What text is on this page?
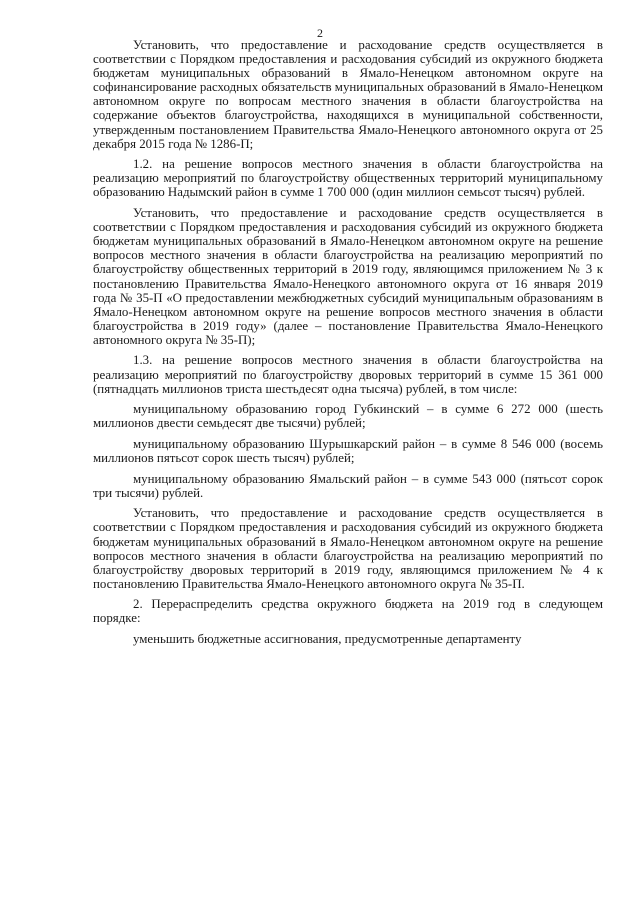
2

Установить, что предоставление и расходование средств осуществляется в соответствии с Порядком предоставления и расходования субсидий из окружного бюджета бюджетам муниципальных образований в Ямало-Ненецком автономном округе на софинансирование расходных обязательств муниципальных образований в Ямало-Ненецком автономном округе по вопросам местного значения в области благоустройства на содержание объектов благоустройства, находящихся в муниципальной собственности, утвержденным постановлением Правительства Ямало-Ненецкого автономного округа от 25 декабря 2015 года № 1286-П;

1.2. на решение вопросов местного значения в области благоустройства на реализацию мероприятий по благоустройству общественных территорий муниципальному образованию Надымский район в сумме 1 700 000 (один миллион семьсот тысяч) рублей.

Установить, что предоставление и расходование средств осуществляется в соответствии с Порядком предоставления и расходования субсидий из окружного бюджета бюджетам муниципальных образований в Ямало-Ненецком автономном округе на решение вопросов местного значения в области благоустройства на реализацию мероприятий по благоустройству общественных территорий в 2019 году, являющимся приложением № 3 к постановлению Правительства Ямало-Ненецкого автономного округа от 16 января 2019 года № 35-П «О предоставлении межбюджетных субсидий муниципальным образованиям в Ямало-Ненецком автономном округе на решение вопросов местного значения в области благоустройства в 2019 году» (далее – постановление Правительства Ямало-Ненецкого автономного округа № 35-П);

1.3. на решение вопросов местного значения в области благоустройства на реализацию мероприятий по благоустройству дворовых территорий в сумме 15 361 000 (пятнадцать миллионов триста шестьдесят одна тысяча) рублей, в том числе:

муниципальному образованию город Губкинский – в сумме 6 272 000 (шесть миллионов двести семьдесят две тысячи) рублей;

муниципальному образованию Шурышкарский район – в сумме 8 546 000 (восемь миллионов пятьсот сорок шесть тысяч) рублей;

муниципальному образованию Ямальский район – в сумме 543 000 (пятьсот сорок три тысячи) рублей.

Установить, что предоставление и расходование средств осуществляется в соответствии с Порядком предоставления и расходования субсидий из окружного бюджета бюджетам муниципальных образований в Ямало-Ненецком автономном округе на решение вопросов местного значения в области благоустройства на реализацию мероприятий по благоустройству дворовых территорий в 2019 году, являющимся приложением № 4 к постановлению Правительства Ямало-Ненецкого автономного округа № 35-П.

2. Перераспределить средства окружного бюджета на 2019 год в следующем порядке:

уменьшить бюджетные ассигнования, предусмотренные департаменту
